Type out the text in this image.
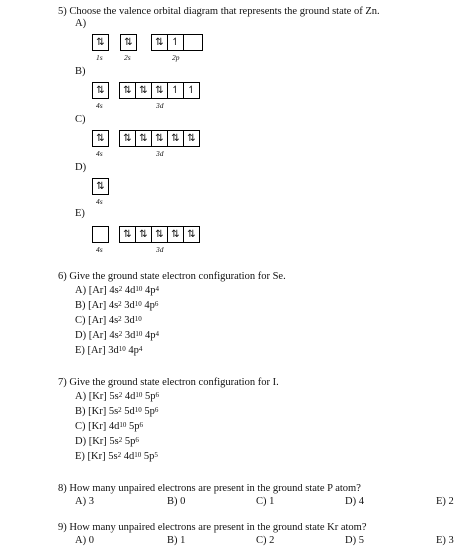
5) Choose the valence orbital diagram that represents the ground state of Zn.
A)
⇅
1s
⇅
2s
⇅ ↿
2p
B)
⇅
4s
⇅ ⇅ ⇅ ↿ ↿
3d
C)
⇅
4s
⇅ ⇅ ⇅ ⇅ ⇅
3d
D)
⇅
4s
E)
4s
⇅ ⇅ ⇅ ⇅ ⇅
3d
6) Give the ground state electron configuration for Se.
A) [Ar] $4s^2$ $4d^{10}$ $4p^4$
B) [Ar] $4s^2$ $3d^{10}$ $4p^6$
C) [Ar] $4s^2$ $3d^{10}$
D) [Ar] $4s^2$ $3d^{10}$ $4p^4$
E) [Ar] $3d^{10}$ $4p^4$
7) Give the ground state electron configuration for I.
A) [Kr] $5s^2$ $4d^{10}$ $5p^6$
B) [Kr] $5s^2$ $5d^{10}$ $5p^6$
C) [Kr] $4d^{10}$ $5p^6$
D) [Kr] $5s^2$ $5p^6$
E) [Kr] $5s^2$ $4d^{10}$ $5p^5$
8) How many unpaired electrons are present in the ground state P atom?
A) 3	B) 0	C) 1	D) 4	E) 2
9) How many unpaired electrons are present in the ground state Kr atom?
A) 0	B) 1	C) 2	D) 5	E) 3
